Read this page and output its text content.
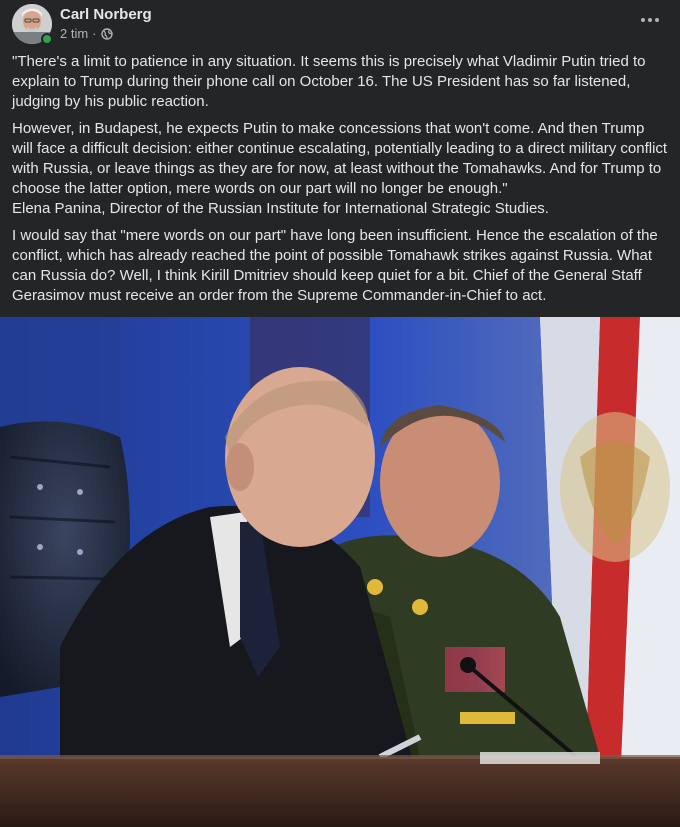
Carl Norberg
2 tim ·

"There's a limit to patience in any situation. It seems this is precisely what Vladimir Putin tried to explain to Trump during their phone call on October 16. The US President has so far listened, judging by his public reaction.

However, in Budapest, he expects Putin to make concessions that won't come. And then Trump will face a difficult decision: either continue escalating, potentially leading to a direct military conflict with Russia, or leave things as they are for now, at least without the Tomahawks. And for Trump to choose the latter option, mere words on our part will no longer be enough."
Elena Panina, Director of the Russian Institute for International Strategic Studies.

I would say that "mere words on our part" have long been insufficient. Hence the escalation of the conflict, which has already reached the point of possible Tomahawk strikes against Russia. What can Russia do? Well, I think Kirill Dmitriev should keep quiet for a bit. Chief of the General Staff Gerasimov must receive an order from the Supreme Commander-in-Chief to act.
